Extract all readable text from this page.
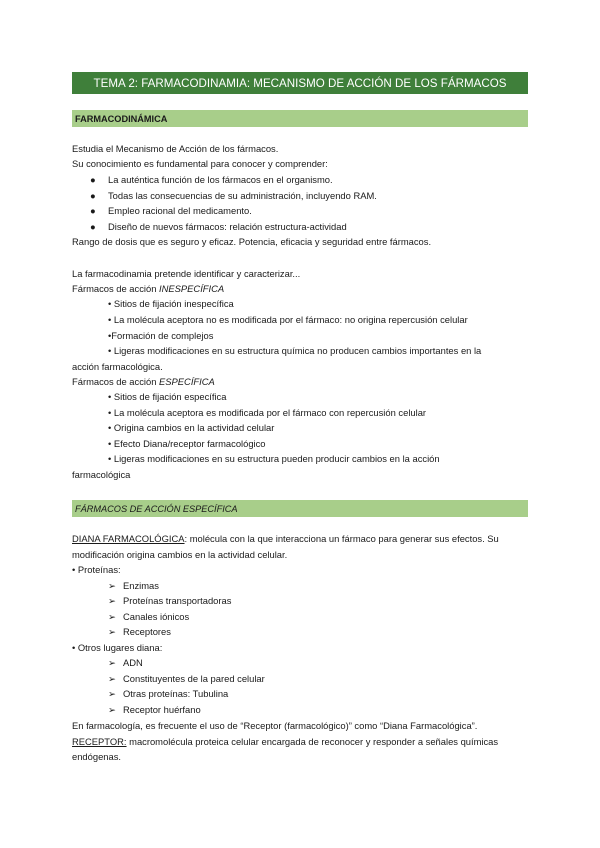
TEMA 2: FARMACODINAMIA: MECANISMO DE ACCIÓN DE LOS FÁRMACOS
FARMACODINÁMICA
Estudia el Mecanismo de Acción de los fármacos.
Su conocimiento es fundamental para conocer y comprender:
● La auténtica función de los fármacos en el organismo.
● Todas las consecuencias de su administración, incluyendo RAM.
● Empleo racional del medicamento.
● Diseño de nuevos fármacos: relación estructura-actividad
Rango de dosis que es seguro y eficaz. Potencia, eficacia y seguridad entre fármacos.
La farmacodinamia pretende identificar y caracterizar...
Fármacos de acción INESPECÍFICA
• Sitios de fijación inespecífica
• La molécula aceptora no es modificada por el fármaco: no origina repercusión celular
•Formación de complejos
• Ligeras modificaciones en su estructura química no producen cambios importantes en la
acción farmacológica.
Fármacos de acción ESPECÍFICA
• Sitios de fijación específica
• La molécula aceptora es modificada por el fármaco con repercusión celular
• Origina cambios en la actividad celular
• Efecto Diana/receptor farmacológico
• Ligeras modificaciones en su estructura pueden producir cambios en la acción
farmacológica
FÁRMACOS DE ACCIÓN ESPECÍFICA
DIANA FARMACOLÓGICA: molécula con la que interacciona un fármaco para generar sus efectos. Su
modificación origina cambios en la actividad celular.
• Proteínas:
➢ Enzimas
➢ Proteínas transportadoras
➢ Canales iónicos
➢ Receptores
• Otros lugares diana:
➢ ADN
➢ Constituyentes de la pared celular
➢ Otras proteínas: Tubulina
➢ Receptor huérfano
En farmacología, es frecuente el uso de “Receptor (farmacológico)” como “Diana Farmacológica”.
RECEPTOR: macromolécula proteica celular encargada de reconocer y responder a señales químicas
endógenas.
